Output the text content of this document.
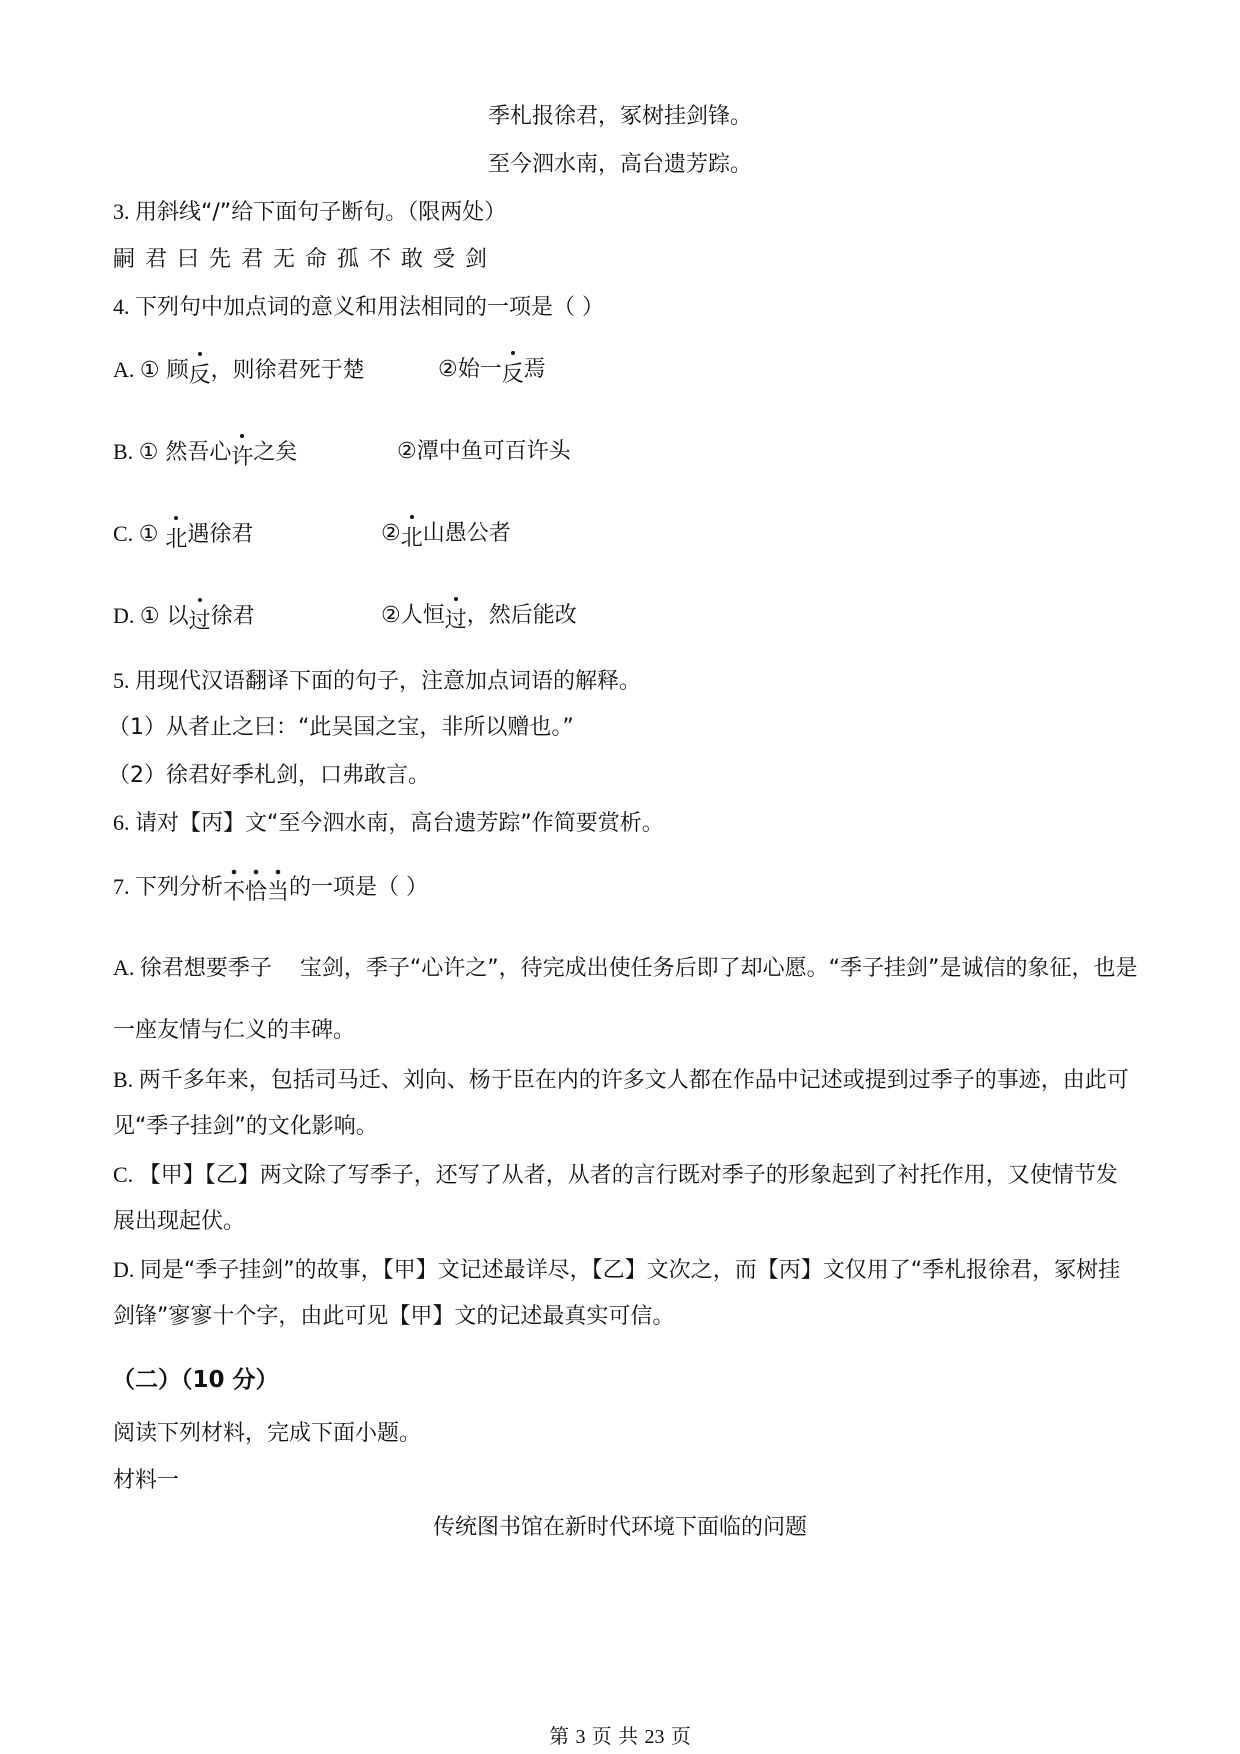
季札报徐君，冢树挂剑锋。
至今泗水南，高台遗芳踪。
3. 用斜线“/”给下面句子断句。（限两处）
嗣君曰先君无命孤不敢受剑
4. 下列句中加点词的意义和用法相同的一项是（ ）
A. ① 顾反，则徐君死于楚	②始一反焉
B. ① 然吾心许之矣	②潭中鱼可百许头
C. ① 北遇徐君	②北山愚公者
D. ① 以过徐君	②人恒过，然后能改
5. 用现代汉语翻译下面的句子，注意加点词语的解释。
（1）从者止之曰：“此吴国之宝，非所以赠也。”
（2）徐君好季札剑，口弗敢言。
6. 请对【丙】文“至今泗水南，高台遗芳踪”作简要赏析。
7. 下列分析不恰当的一项是（ ）
A. 徐君想要季子    宝剑，季子“心许之”，待完成出使任务后即了却心愿。“季子挂剑”是诚信的象征，也是
一座友情与仁义的丰碑。
B. 两千多年来，包括司马迁、刘向、杨于臣在内的许多文人都在作品中记述或提到过季子的事迹，由此可
见“季子挂剑”的文化影响。
C. 【甲】【乙】两文除了写季子，还写了从者，从者的言行既对季子的形象起到了衬托作用，又使情节发
展出现起伏。
D. 同是“季子挂剑”的故事，【甲】文记述最详尽，【乙】文次之，而【丙】文仅用了“季札报徐君，冢树挂
剑锋”寥寥十个字，由此可见【甲】文的记述最真实可信。
（二）（10 分）
阅读下列材料，完成下面小题。
材料一
传统图书馆在新时代环境下面临的问题
第 3 页 共 23 页
